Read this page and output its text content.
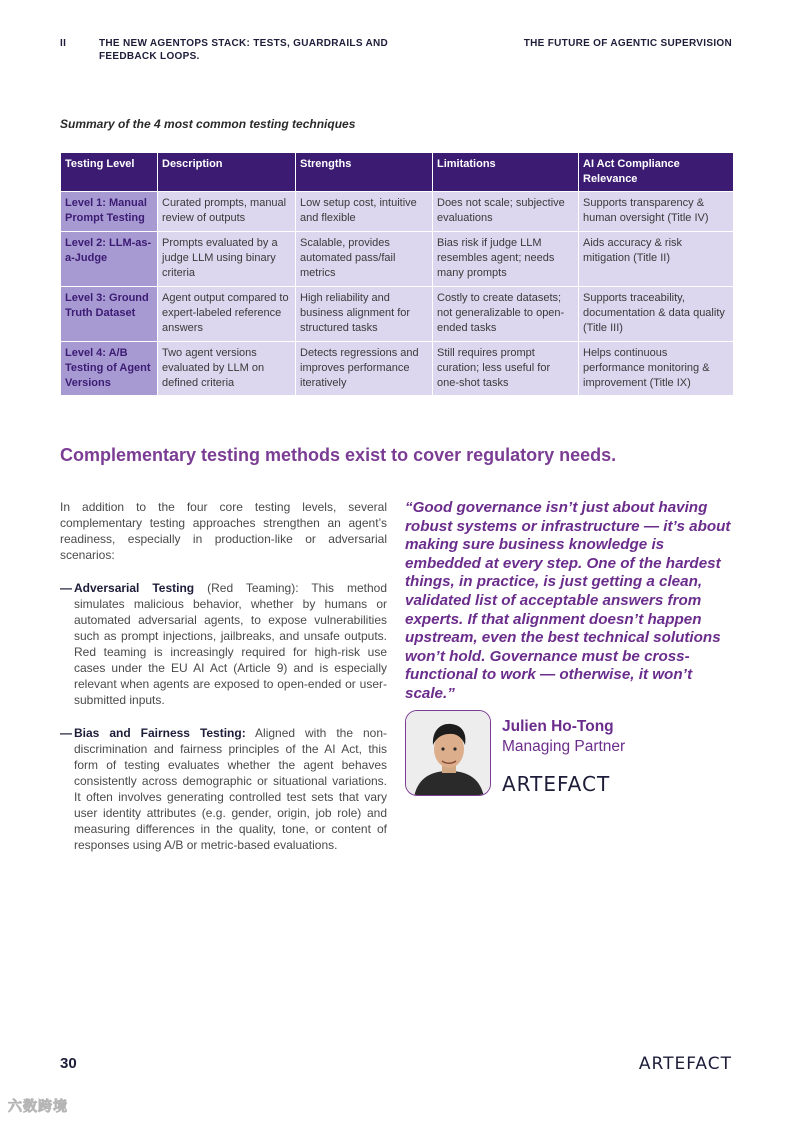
II	THE NEW AGENTOPS STACK: TESTS, GUARDRAILS AND FEEDBACK LOOPS.
THE FUTURE OF AGENTIC SUPERVISION
Summary of the 4 most common testing techniques
Testing Level	Description	Strengths	Limitations	AI Act Compliance Relevance
Level 1: Manual Prompt Testing	Curated prompts, manual review of outputs	Low setup cost, intuitive and flexible	Does not scale; subjective evaluations	Supports transparency & human oversight (Title IV)
Level 2: LLM-as-a-Judge	Prompts evaluated by a judge LLM using binary criteria	Scalable, provides automated pass/fail metrics	Bias risk if judge LLM resembles agent; needs many prompts	Aids accuracy & risk mitigation (Title II)
Level 3: Ground Truth Dataset	Agent output compared to expert-labeled reference answers	High reliability and business alignment for structured tasks	Costly to create datasets; not generalizable to open-ended tasks	Supports traceability, documentation & data quality (Title III)
Level 4: A/B Testing of Agent Versions	Two agent versions evaluated by LLM on defined criteria	Detects regressions and improves performance iteratively	Still requires prompt curation; less useful for one-shot tasks	Helps continuous performance monitoring & improvement (Title IX)
Complementary testing methods exist to cover regulatory needs.

In addition to the four core testing levels, several complementary testing approaches strengthen an agent’s readiness, especially in production-like or adversarial scenarios:

— Adversarial Testing (Red Teaming): This method simulates malicious behavior, whether by humans or automated adversarial agents, to expose vulnerabilities such as prompt injections, jailbreaks, and unsafe outputs. Red teaming is increasingly required for high-risk use cases under the EU AI Act (Article 9) and is especially relevant when agents are exposed to open-ended or user-submitted inputs.
— Bias and Fairness Testing: Aligned with the non-discrimination and fairness principles of the AI Act, this form of testing evaluates whether the agent behaves consistently across demographic or situational variations. It often involves generating controlled test sets that vary user identity attributes (e.g. gender, origin, job role) and measuring differences in the quality, tone, or content of responses using A/B or metric-based evaluations.
“Good governance isn’t just about having robust systems or infrastructure — it’s about making sure business knowledge is embedded at every step. One of the hardest things, in practice, is just getting a clean, validated list of acceptable answers from experts. If that alignment doesn’t happen upstream, even the best technical solutions won’t hold. Governance must be cross-functional to work — otherwise, it won’t scale.”
Julien Ho-Tong
Managing Partner
ARTEFACT
30	ARTEFACT
六数跨境
